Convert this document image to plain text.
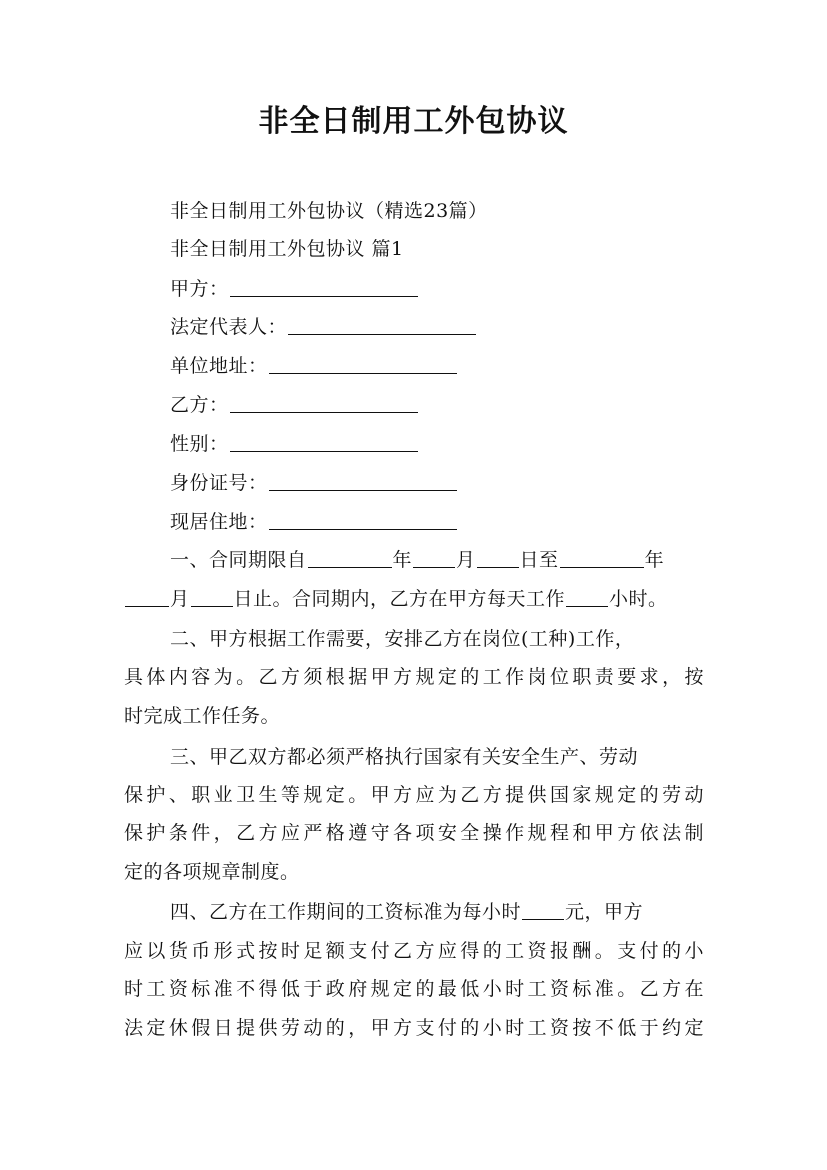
非全日制用工外包协议
非全日制用工外包协议（精选23篇）
非全日制用工外包协议 篇1
甲方：
法定代表人：
单位地址：
乙方：
性别：
身份证号：
现居住地：
一、合同期限自	年 月 日至	年
月 日止。合同期内，乙方在甲方每天工作 小时。
二、甲方根据工作需要，安排乙方在岗位(工种)工作，
具体内容为。乙方须根据甲方规定的工作岗位职责要求，按
时完成工作任务。
三、甲乙双方都必须严格执行国家有关安全生产、劳动
保护、职业卫生等规定。甲方应为乙方提供国家规定的劳动
保护条件，乙方应严格遵守各项安全操作规程和甲方依法制
定的各项规章制度。
四、乙方在工作期间的工资标准为每小时 元，甲方
应以货币形式按时足额支付乙方应得的工资报酬。支付的小
时工资标准不得低于政府规定的最低小时工资标准。乙方在
法定休假日提供劳动的，甲方支付的小时工资按不低于约定
